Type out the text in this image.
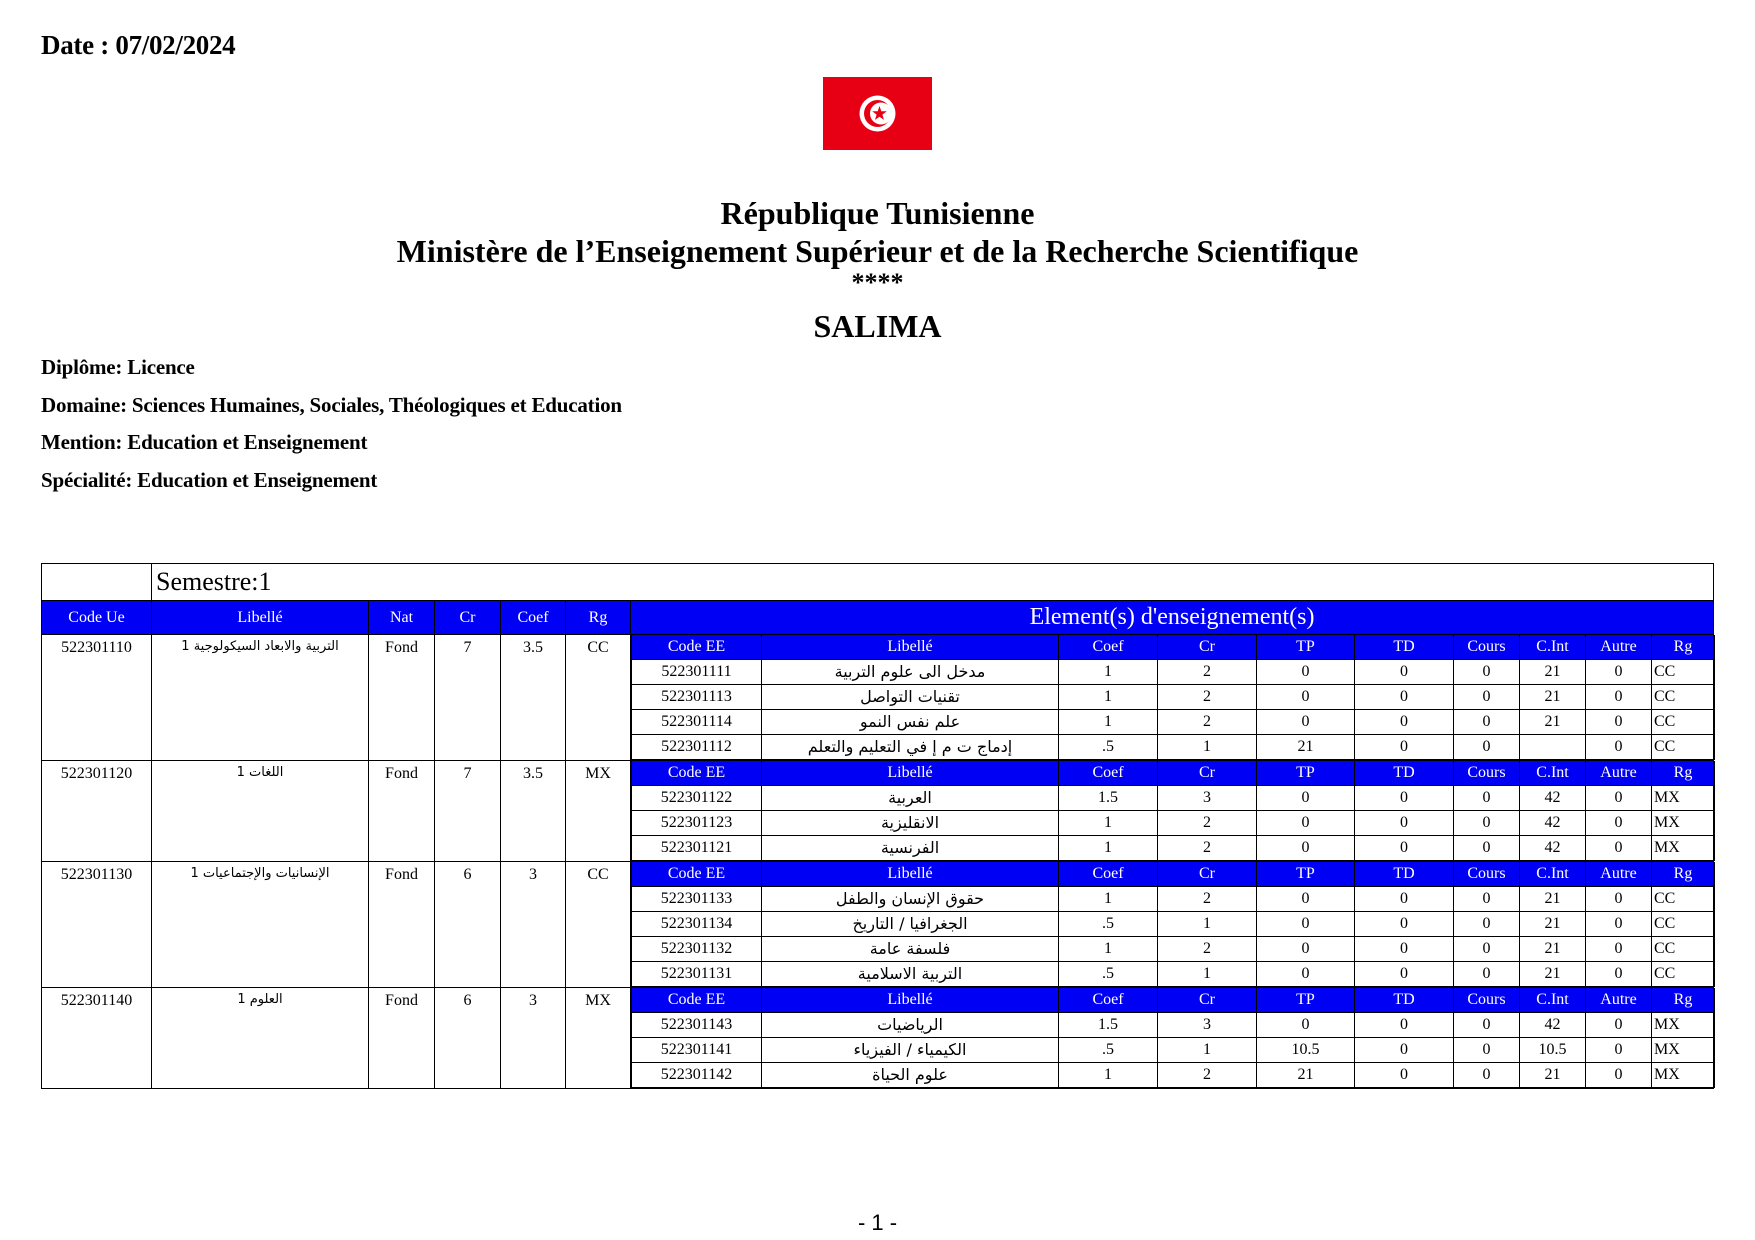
Date : 07/02/2024
République Tunisienne
Ministère de l’Enseignement Supérieur et de la Recherche Scientifique
****
SALIMA
Diplôme: Licence
Domaine: Sciences Humaines, Sociales, Théologiques et Education
Mention: Education et Enseignement
Spécialité: Education et Enseignement
	Semestre:1
Code Ue	Libellé	Nat	Cr	Coef	Rg	Element(s) d'enseignement(s)
522301110	التربية والابعاد السيكولوجية 1	Fond	7	3.5	CC		Code EE	Libellé	Coef	Cr	TP	TD	Cours	C.Int	Autre	Rg
522301111	مدخل الى علوم التربية	1	2	0	0	0	21	0	CC
522301113	تقنيات التواصل	1	2	0	0	0	21	0	CC
522301114	علم نفس النمو	1	2	0	0	0	21	0	CC
522301112	إدماج ت م إ في التعليم والتعلم	.5	1	21	0	0		0	CC

522301120	اللغات 1	Fond	7	3.5	MX		Code EE	Libellé	Coef	Cr	TP	TD	Cours	C.Int	Autre	Rg
522301122	العربية	1.5	3	0	0	0	42	0	MX
522301123	الانقليزية	1	2	0	0	0	42	0	MX
522301121	الفرنسية	1	2	0	0	0	42	0	MX

522301130	الإنسانيات والإجتماعيات 1	Fond	6	3	CC		Code EE	Libellé	Coef	Cr	TP	TD	Cours	C.Int	Autre	Rg
522301133	حقوق الإنسان والطفل	1	2	0	0	0	21	0	CC
522301134	الجغرافيا / التاريخ	.5	1	0	0	0	21	0	CC
522301132	فلسفة عامة	1	2	0	0	0	21	0	CC
522301131	التربية الاسلامية	.5	1	0	0	0	21	0	CC

522301140	العلوم 1	Fond	6	3	MX		Code EE	Libellé	Coef	Cr	TP	TD	Cours	C.Int	Autre	Rg
522301143	الرياضيات	1.5	3	0	0	0	42	0	MX
522301141	الكيمياء / الفيزياء	.5	1	10.5	0	0	10.5	0	MX
522301142	علوم الحياة	1	2	21	0	0	21	0	MX
- 1 -
